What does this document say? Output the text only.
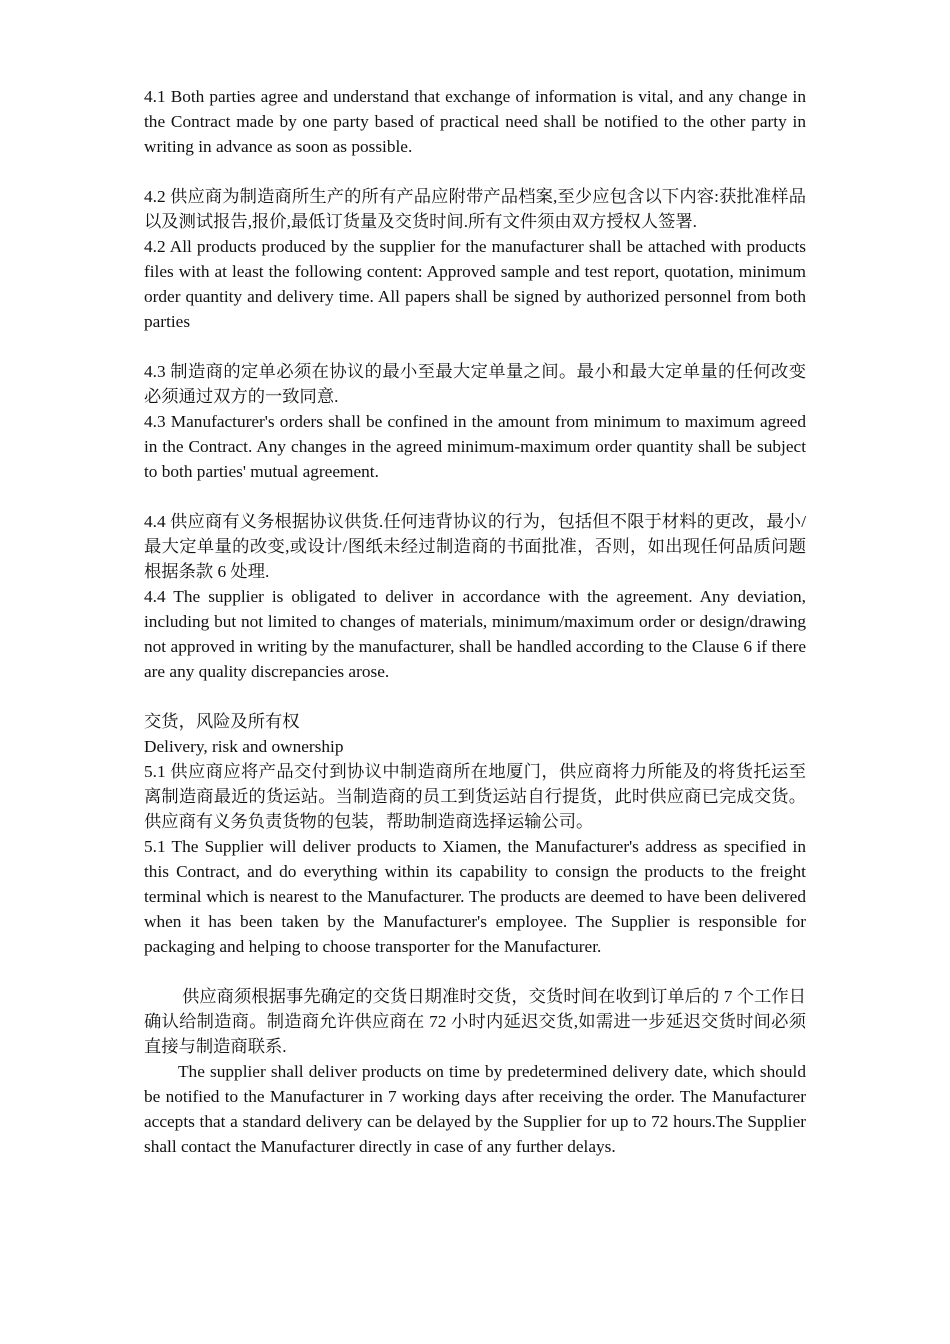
4.1 Both parties agree and understand that exchange of information is vital, and any change in the Contract made by one party based of practical need shall be notified to the other party in writing in advance as soon as possible.

4.2 供应商为制造商所生产的所有产品应附带产品档案,至少应包含以下内容:获批准样品以及测试报告,报价,最低订货量及交货时间.所有文件须由双方授权人签署.

4.2 All products produced by the supplier for the manufacturer shall be attached with products files with at least the following content: Approved sample and test report, quotation, minimum order quantity and delivery time. All papers shall be signed by authorized personnel from both parties

4.3 制造商的定单必须在协议的最小至最大定单量之间。最小和最大定单量的任何改变必须通过双方的一致同意.

4.3 Manufacturer's orders shall be confined in the amount from minimum to maximum agreed in the Contract. Any changes in the agreed minimum-maximum order quantity shall be subject to both parties' mutual agreement.

4.4 供应商有义务根据协议供货.任何违背协议的行为，包括但不限于材料的更改，最小/最大定单量的改变,或设计/图纸未经过制造商的书面批准，否则，如出现任何品质问题根据条款 6 处理.

4.4 The supplier is obligated to deliver in accordance with the agreement. Any deviation, including but not limited to changes of materials, minimum/maximum order or design/drawing not approved in writing by the manufacturer, shall be handled according to the Clause 6 if there are any quality discrepancies arose.

交货，风险及所有权

Delivery, risk and ownership

5.1 供应商应将产品交付到协议中制造商所在地厦门，供应商将力所能及的将货托运至离制造商最近的货运站。当制造商的员工到货运站自行提货，此时供应商已完成交货。供应商有义务负责货物的包装，帮助制造商选择运输公司。

5.1 The Supplier will deliver products to Xiamen, the Manufacturer's address as specified in this Contract, and do everything within its capability to consign the products to the freight terminal which is nearest to the Manufacturer. The products are deemed to have been delivered when it has been taken by the Manufacturer's employee. The Supplier is responsible for packaging and helping to choose transporter for the Manufacturer.

供应商须根据事先确定的交货日期准时交货，交货时间在收到订单后的 7 个工作日确认给制造商。制造商允许供应商在 72 小时内延迟交货,如需进一步延迟交货时间必须直接与制造商联系.

The supplier shall deliver products on time by predetermined delivery date, which should be notified to the Manufacturer in 7 working days after receiving the order. The Manufacturer accepts that a standard delivery can be delayed by the Supplier for up to 72 hours.The Supplier shall contact the Manufacturer directly in case of any further delays.
